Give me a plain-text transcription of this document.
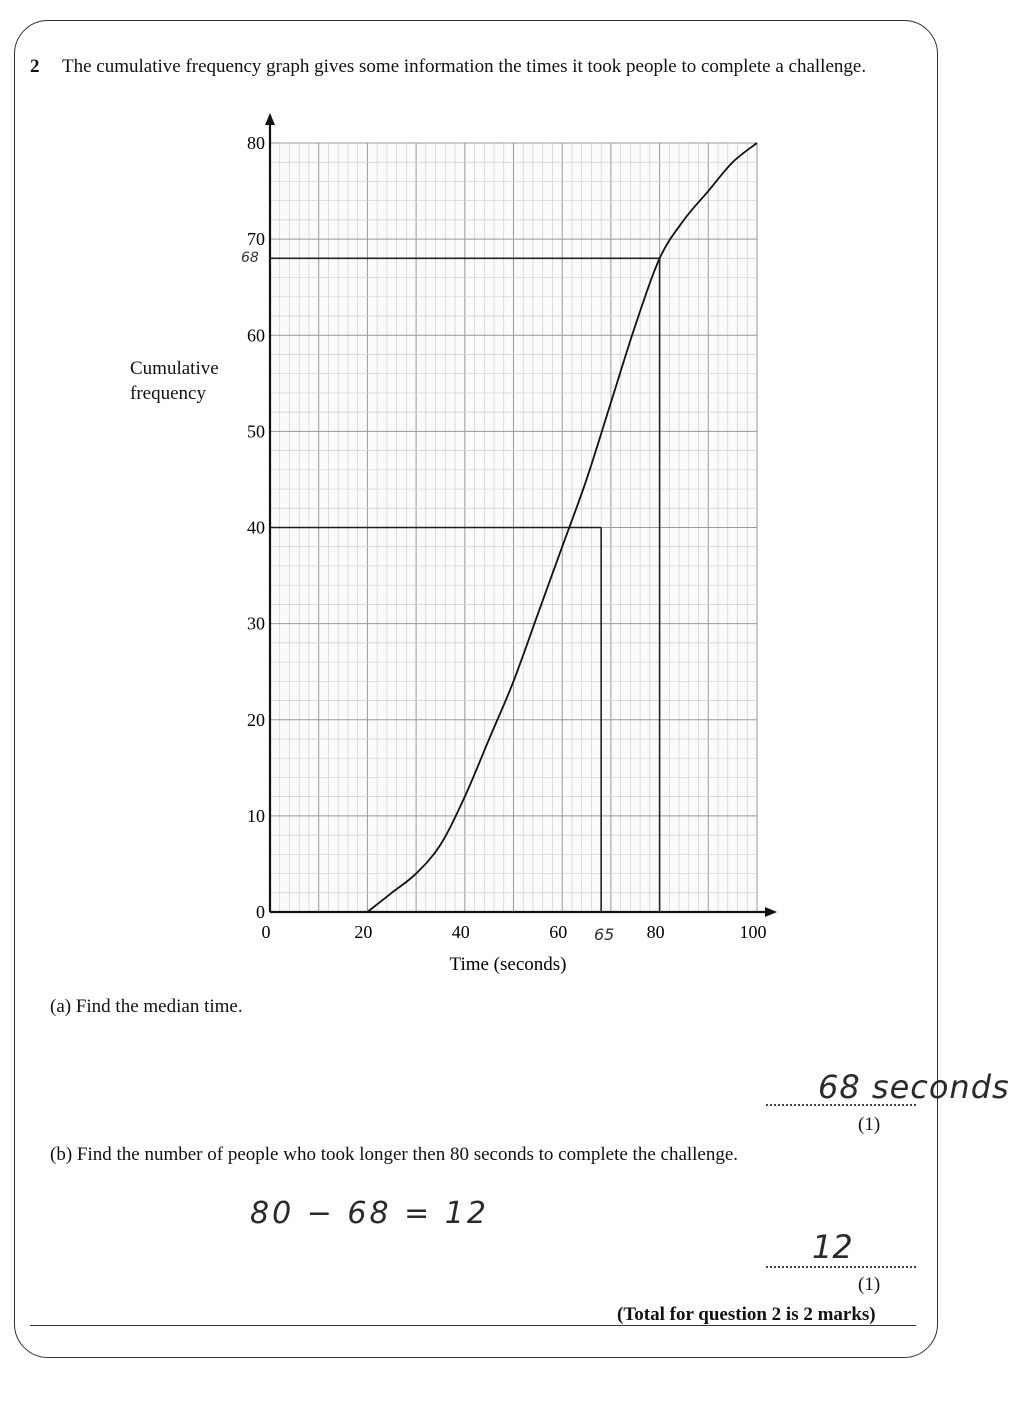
2 The cumulative frequency graph gives some information the times it took people to complete a challenge.
Cumulative
frequency
0	20	40	60	80	100
0
10
20
30
40
50
60
70
80
Time (seconds)
65
68
(a) Find the median time.
68 seconds
(1)
(b) Find the number of people who took longer then 80 seconds to complete the challenge.
80 − 68 = 12
12
(1)
(Total for question 2 is 2 marks)
